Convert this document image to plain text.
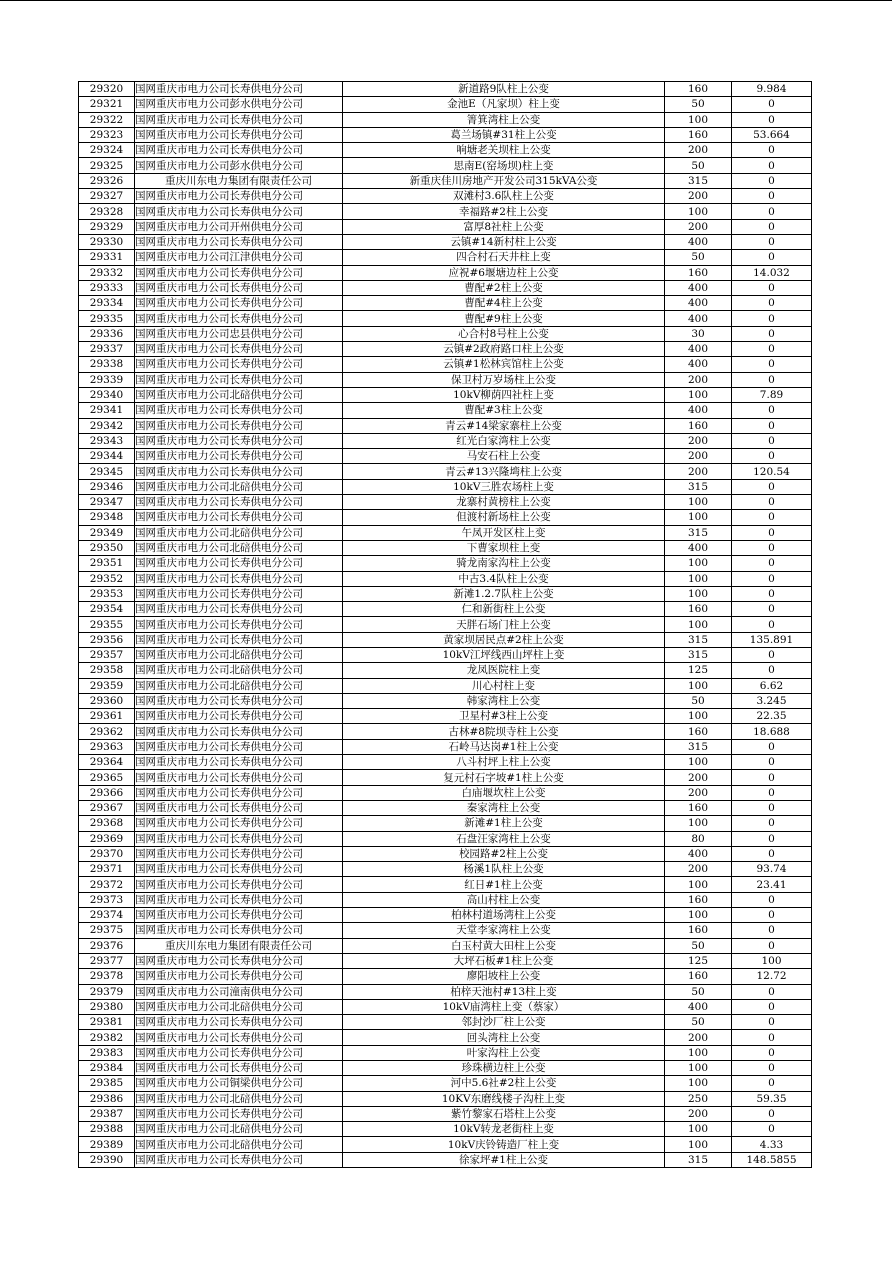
29320	国网重庆市电力公司长寿供电分公司	新道路9队柱上公变	160	9.984
29321	国网重庆市电力公司彭水供电分公司	金池E（凡家坝）柱上变	50	0
29322	国网重庆市电力公司长寿供电分公司	箐箕湾柱上公变	100	0
29323	国网重庆市电力公司长寿供电分公司	葛兰场镇#31柱上公变	160	53.664
29324	国网重庆市电力公司长寿供电分公司	响塘老关坝柱上公变	200	0
29325	国网重庆市电力公司彭水供电分公司	思南E(窑场坝)柱上变	50	0
29326	重庆川东电力集团有限责任公司	新重庆佳川房地产开发公司315kVA公变	315	0
29327	国网重庆市电力公司长寿供电分公司	双滩村3.6队柱上公变	200	0
29328	国网重庆市电力公司长寿供电分公司	幸福路#2柱上公变	100	0
29329	国网重庆市电力公司开州供电分公司	富厚8社柱上公变	200	0
29330	国网重庆市电力公司长寿供电分公司	云镇#14新村柱上公变	400	0
29331	国网重庆市电力公司江津供电分公司	四合村石天井柱上变	50	0
29332	国网重庆市电力公司长寿供电分公司	应祝#6堰塘边柱上公变	160	14.032
29333	国网重庆市电力公司长寿供电分公司	曹配#2柱上公变	400	0
29334	国网重庆市电力公司长寿供电分公司	曹配#4柱上公变	400	0
29335	国网重庆市电力公司长寿供电分公司	曹配#9柱上公变	400	0
29336	国网重庆市电力公司忠县供电分公司	心合村8号柱上公变	30	0
29337	国网重庆市电力公司长寿供电分公司	云镇#2政府路口柱上公变	400	0
29338	国网重庆市电力公司长寿供电分公司	云镇#1松林宾馆柱上公变	400	0
29339	国网重庆市电力公司长寿供电分公司	保卫村万岁场柱上公变	200	0
29340	国网重庆市电力公司北碚供电分公司	10kV柳荫四社柱上变	100	7.89
29341	国网重庆市电力公司长寿供电分公司	曹配#3柱上公变	400	0
29342	国网重庆市电力公司长寿供电分公司	青云#14梁家寨柱上公变	160	0
29343	国网重庆市电力公司长寿供电分公司	红光白家湾柱上公变	200	0
29344	国网重庆市电力公司长寿供电分公司	马安石柱上公变	200	0
29345	国网重庆市电力公司长寿供电分公司	青云#13兴隆塆柱上公变	200	120.54
29346	国网重庆市电力公司北碚供电分公司	10kV三胜农场柱上变	315	0
29347	国网重庆市电力公司长寿供电分公司	龙寨村黄榜柱上公变	100	0
29348	国网重庆市电力公司长寿供电分公司	但渡村新场柱上公变	100	0
29349	国网重庆市电力公司北碚供电分公司	午凤开发区柱上变	315	0
29350	国网重庆市电力公司北碚供电分公司	下曹家坝柱上变	400	0
29351	国网重庆市电力公司长寿供电分公司	骑龙南家沟柱上公变	100	0
29352	国网重庆市电力公司长寿供电分公司	中古3.4队柱上公变	100	0
29353	国网重庆市电力公司长寿供电分公司	新滩1.2.7队柱上公变	100	0
29354	国网重庆市电力公司长寿供电分公司	仁和新街柱上公变	160	0
29355	国网重庆市电力公司长寿供电分公司	天胖石场门柱上公变	100	0
29356	国网重庆市电力公司长寿供电分公司	黄家坝居民点#2柱上公变	315	135.891
29357	国网重庆市电力公司北碚供电分公司	10kV江坪线西山坪柱上变	315	0
29358	国网重庆市电力公司北碚供电分公司	龙凤医院柱上变	125	0
29359	国网重庆市电力公司北碚供电分公司	川心村柱上变	100	6.62
29360	国网重庆市电力公司长寿供电分公司	韩家湾柱上公变	50	3.245
29361	国网重庆市电力公司长寿供电分公司	卫星村#3柱上公变	100	22.35
29362	国网重庆市电力公司长寿供电分公司	古林#8院坝寺柱上公变	160	18.688
29363	国网重庆市电力公司长寿供电分公司	石岭马达岗#1柱上公变	315	0
29364	国网重庆市电力公司长寿供电分公司	八斗村坪上柱上公变	100	0
29365	国网重庆市电力公司长寿供电分公司	复元村石字坡#1柱上公变	200	0
29366	国网重庆市电力公司长寿供电分公司	白庙堰坎柱上公变	200	0
29367	国网重庆市电力公司长寿供电分公司	秦家湾柱上公变	160	0
29368	国网重庆市电力公司长寿供电分公司	新滩#1柱上公变	100	0
29369	国网重庆市电力公司长寿供电分公司	石盘汪家湾柱上公变	80	0
29370	国网重庆市电力公司长寿供电分公司	校园路#2柱上公变	400	0
29371	国网重庆市电力公司长寿供电分公司	杨溪1队柱上公变	200	93.74
29372	国网重庆市电力公司长寿供电分公司	红日#1柱上公变	100	23.41
29373	国网重庆市电力公司长寿供电分公司	高山村柱上公变	160	0
29374	国网重庆市电力公司长寿供电分公司	柏林村道场湾柱上公变	100	0
29375	国网重庆市电力公司长寿供电分公司	天堂李家湾柱上公变	160	0
29376	重庆川东电力集团有限责任公司	白玉村黄大田柱上公变	50	0
29377	国网重庆市电力公司长寿供电分公司	大坪石板#1柱上公变	125	100
29378	国网重庆市电力公司长寿供电分公司	廖阳坡柱上公变	160	12.72
29379	国网重庆市电力公司潼南供电分公司	柏梓天池村#13柱上变	50	0
29380	国网重庆市电力公司北碚供电分公司	10kV庙湾柱上变（蔡家）	400	0
29381	国网重庆市电力公司长寿供电分公司	邻封沙厂柱上公变	50	0
29382	国网重庆市电力公司长寿供电分公司	回头湾柱上公变	200	0
29383	国网重庆市电力公司长寿供电分公司	叶家沟柱上公变	100	0
29384	国网重庆市电力公司长寿供电分公司	珍珠横边柱上公变	100	0
29385	国网重庆市电力公司铜梁供电分公司	河中5.6社#2柱上公变	100	0
29386	国网重庆市电力公司北碚供电分公司	10KV东磨线楼子沟柱上变	250	59.35
29387	国网重庆市电力公司长寿供电分公司	紫竹黎家石塔柱上公变	200	0
29388	国网重庆市电力公司北碚供电分公司	10kV转龙老街柱上变	100	0
29389	国网重庆市电力公司北碚供电分公司	10kV庆铃铸造厂柱上变	100	4.33
29390	国网重庆市电力公司长寿供电分公司	徐家坪#1柱上公变	315	148.5855
